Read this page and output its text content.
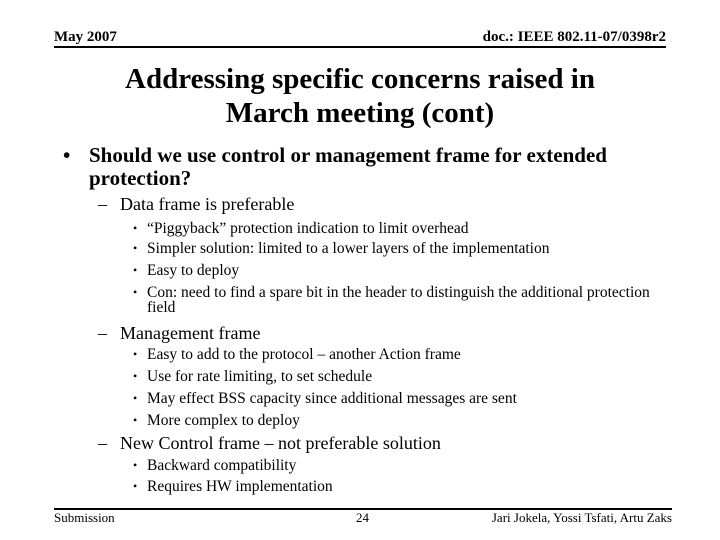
May 2007	doc.: IEEE 802.11-07/0398r2
Addressing specific concerns raised in
March meeting (cont)
• Should we use control or management frame for extended protection?
– Data frame is preferable
• “Piggyback” protection indication to limit overhead
• Simpler solution: limited to a lower layers of the implementation
• Easy to deploy
• Con: need to find a spare bit in the header to distinguish the additional protection field
– Management frame
• Easy to add to the protocol – another Action frame
• Use for rate limiting, to set schedule
• May effect BSS capacity since additional messages are sent
• More complex to deploy
– New Control frame – not preferable solution
• Backward compatibility
• Requires HW implementation
Submission	24	Jari Jokela, Yossi Tsfati, Artu Zaks
